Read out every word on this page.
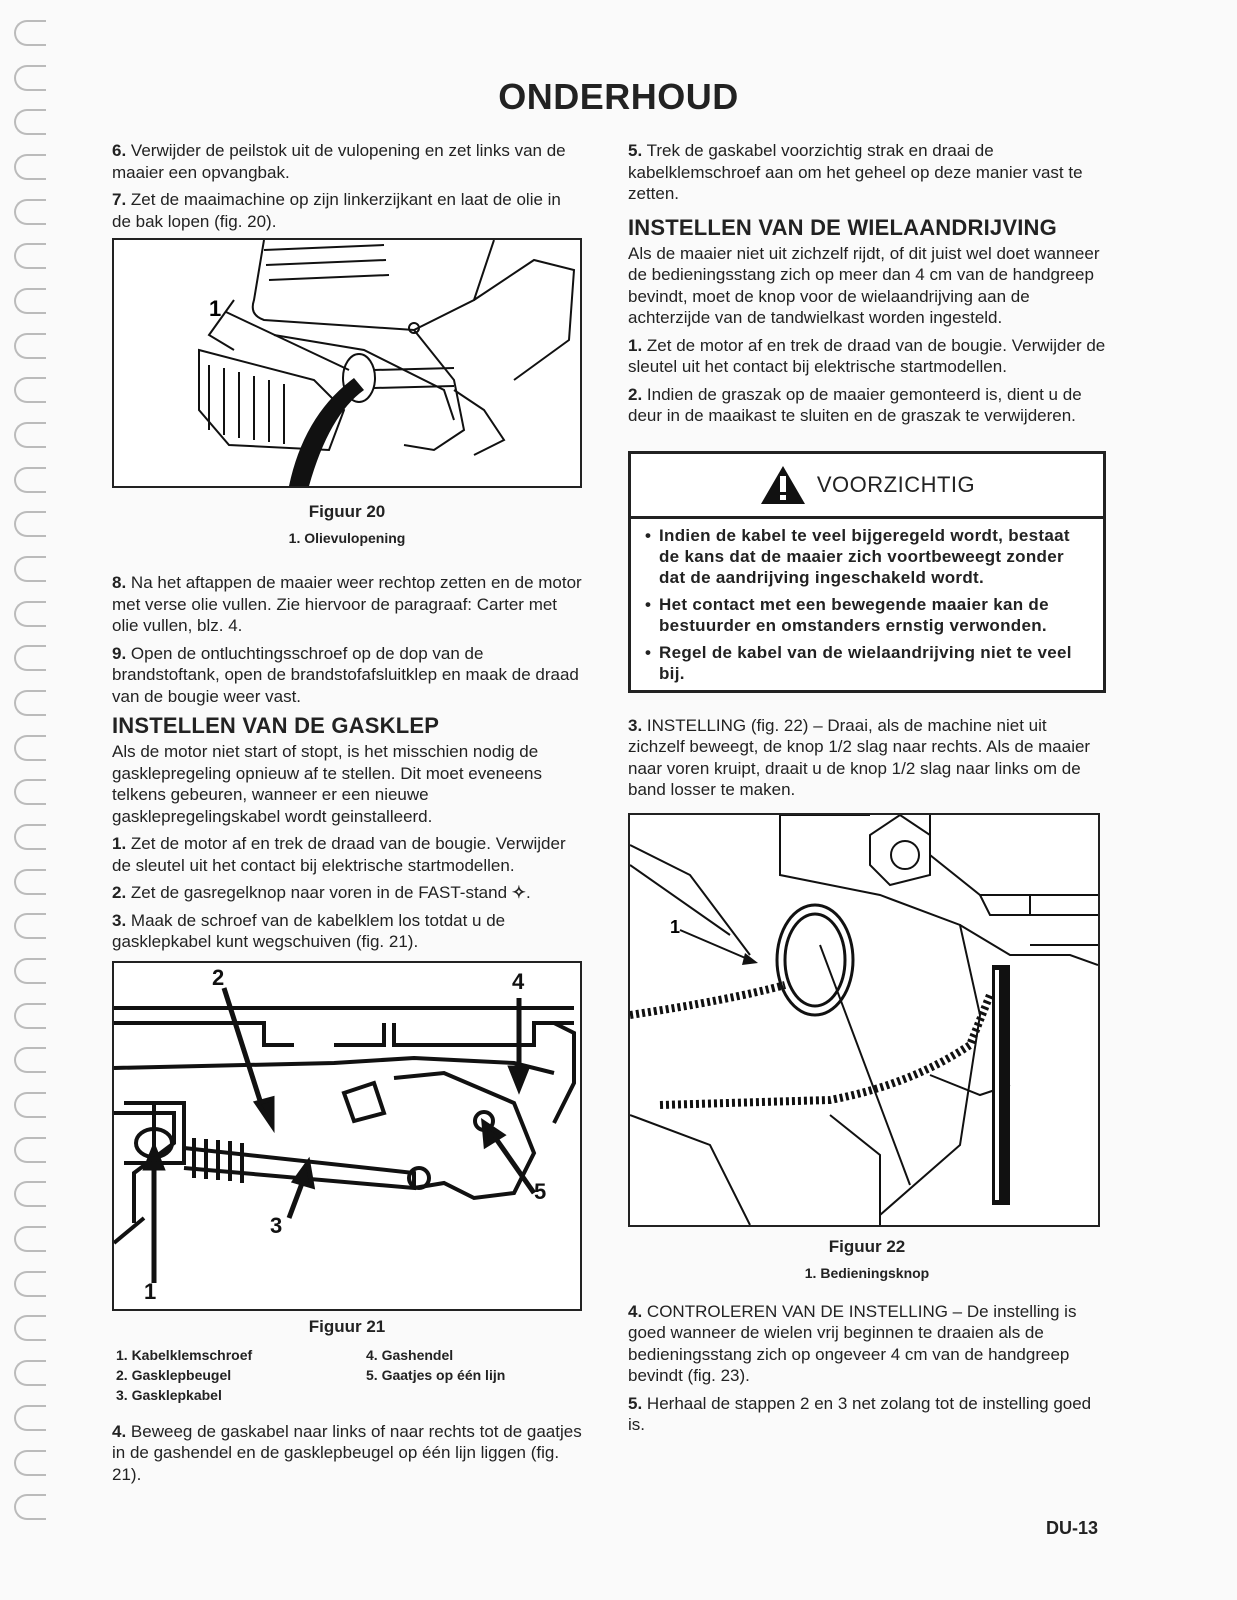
ONDERHOUD

6. Verwijder de peilstok uit de vulopening en zet links van de maaier een opvangbak.

7. Zet de maaimachine op zijn linkerzijkant en laat de olie in de bak lopen (fig. 20).

1
Figuur 20
1. Olievulopening

8. Na het aftappen de maaier weer rechtop zetten en de motor met verse olie vullen. Zie hiervoor de paragraaf: Carter met olie vullen, blz. 4.

9. Open de ontluchtingsschroef op de dop van de brandstoftank, open de brandstofafsluitklep en maak de draad van de bougie weer vast.

INSTELLEN VAN DE GASKLEP

Als de motor niet start of stopt, is het misschien nodig de gasklepregeling opnieuw af te stellen. Dit moet eveneens telkens gebeuren, wanneer er een nieuwe gasklepregelingskabel wordt geinstalleerd.

1. Zet de motor af en trek de draad van de bougie. Verwijder de sleutel uit het contact bij elektrische startmodellen.

2. Zet de gasregelknop naar voren in de FAST-stand ✧.

3. Maak de schroef van de kabelklem los totdat u de gasklepkabel kunt wegschuiven (fig. 21).

2	4
5
3
1
Figuur 21
1. Kabelklemschroef	4. Gashendel
2. Gasklepbeugel	5. Gaatjes op één lijn
3. Gasklepkabel

4. Beweeg de gaskabel naar links of naar rechts tot de gaatjes in de gashendel en de gasklepbeugel op één lijn liggen (fig. 21).

5. Trek de gaskabel voorzichtig strak en draai de kabelklemschroef aan om het geheel op deze manier vast te zetten.

INSTELLEN VAN DE WIELAANDRIJVING

Als de maaier niet uit zichzelf rijdt, of dit juist wel doet wanneer de bedieningsstang zich op meer dan 4 cm van de handgreep bevindt, moet de knop voor de wielaandrijving aan de achterzijde van de tandwielkast worden ingesteld.

1. Zet de motor af en trek de draad van de bougie. Verwijder de sleutel uit het contact bij elektrische startmodellen.

2. Indien de graszak op de maaier gemonteerd is, dient u de deur in de maaikast te sluiten en de graszak te verwijderen.

VOORZICHTIG
• Indien de kabel te veel bijgeregeld wordt, bestaat de kans dat de maaier zich voortbeweegt zonder dat de aandrijving ingeschakeld wordt.
• Het contact met een bewegende maaier kan de bestuurder en omstanders ernstig verwonden.
• Regel de kabel van de wielaandrijving niet te veel bij.

3. INSTELLING (fig. 22) – Draai, als de machine niet uit zichzelf beweegt, de knop 1/2 slag naar rechts. Als de maaier naar voren kruipt, draait u de knop 1/2 slag naar links om de band losser te maken.

1
Figuur 22
1. Bedieningsknop

4. CONTROLEREN VAN DE INSTELLING – De instelling is goed wanneer de wielen vrij beginnen te draaien als de bedieningsstang zich op ongeveer 4 cm van de handgreep bevindt (fig. 23).

5. Herhaal de stappen 2 en 3 net zolang tot de instelling goed is.

DU-13
